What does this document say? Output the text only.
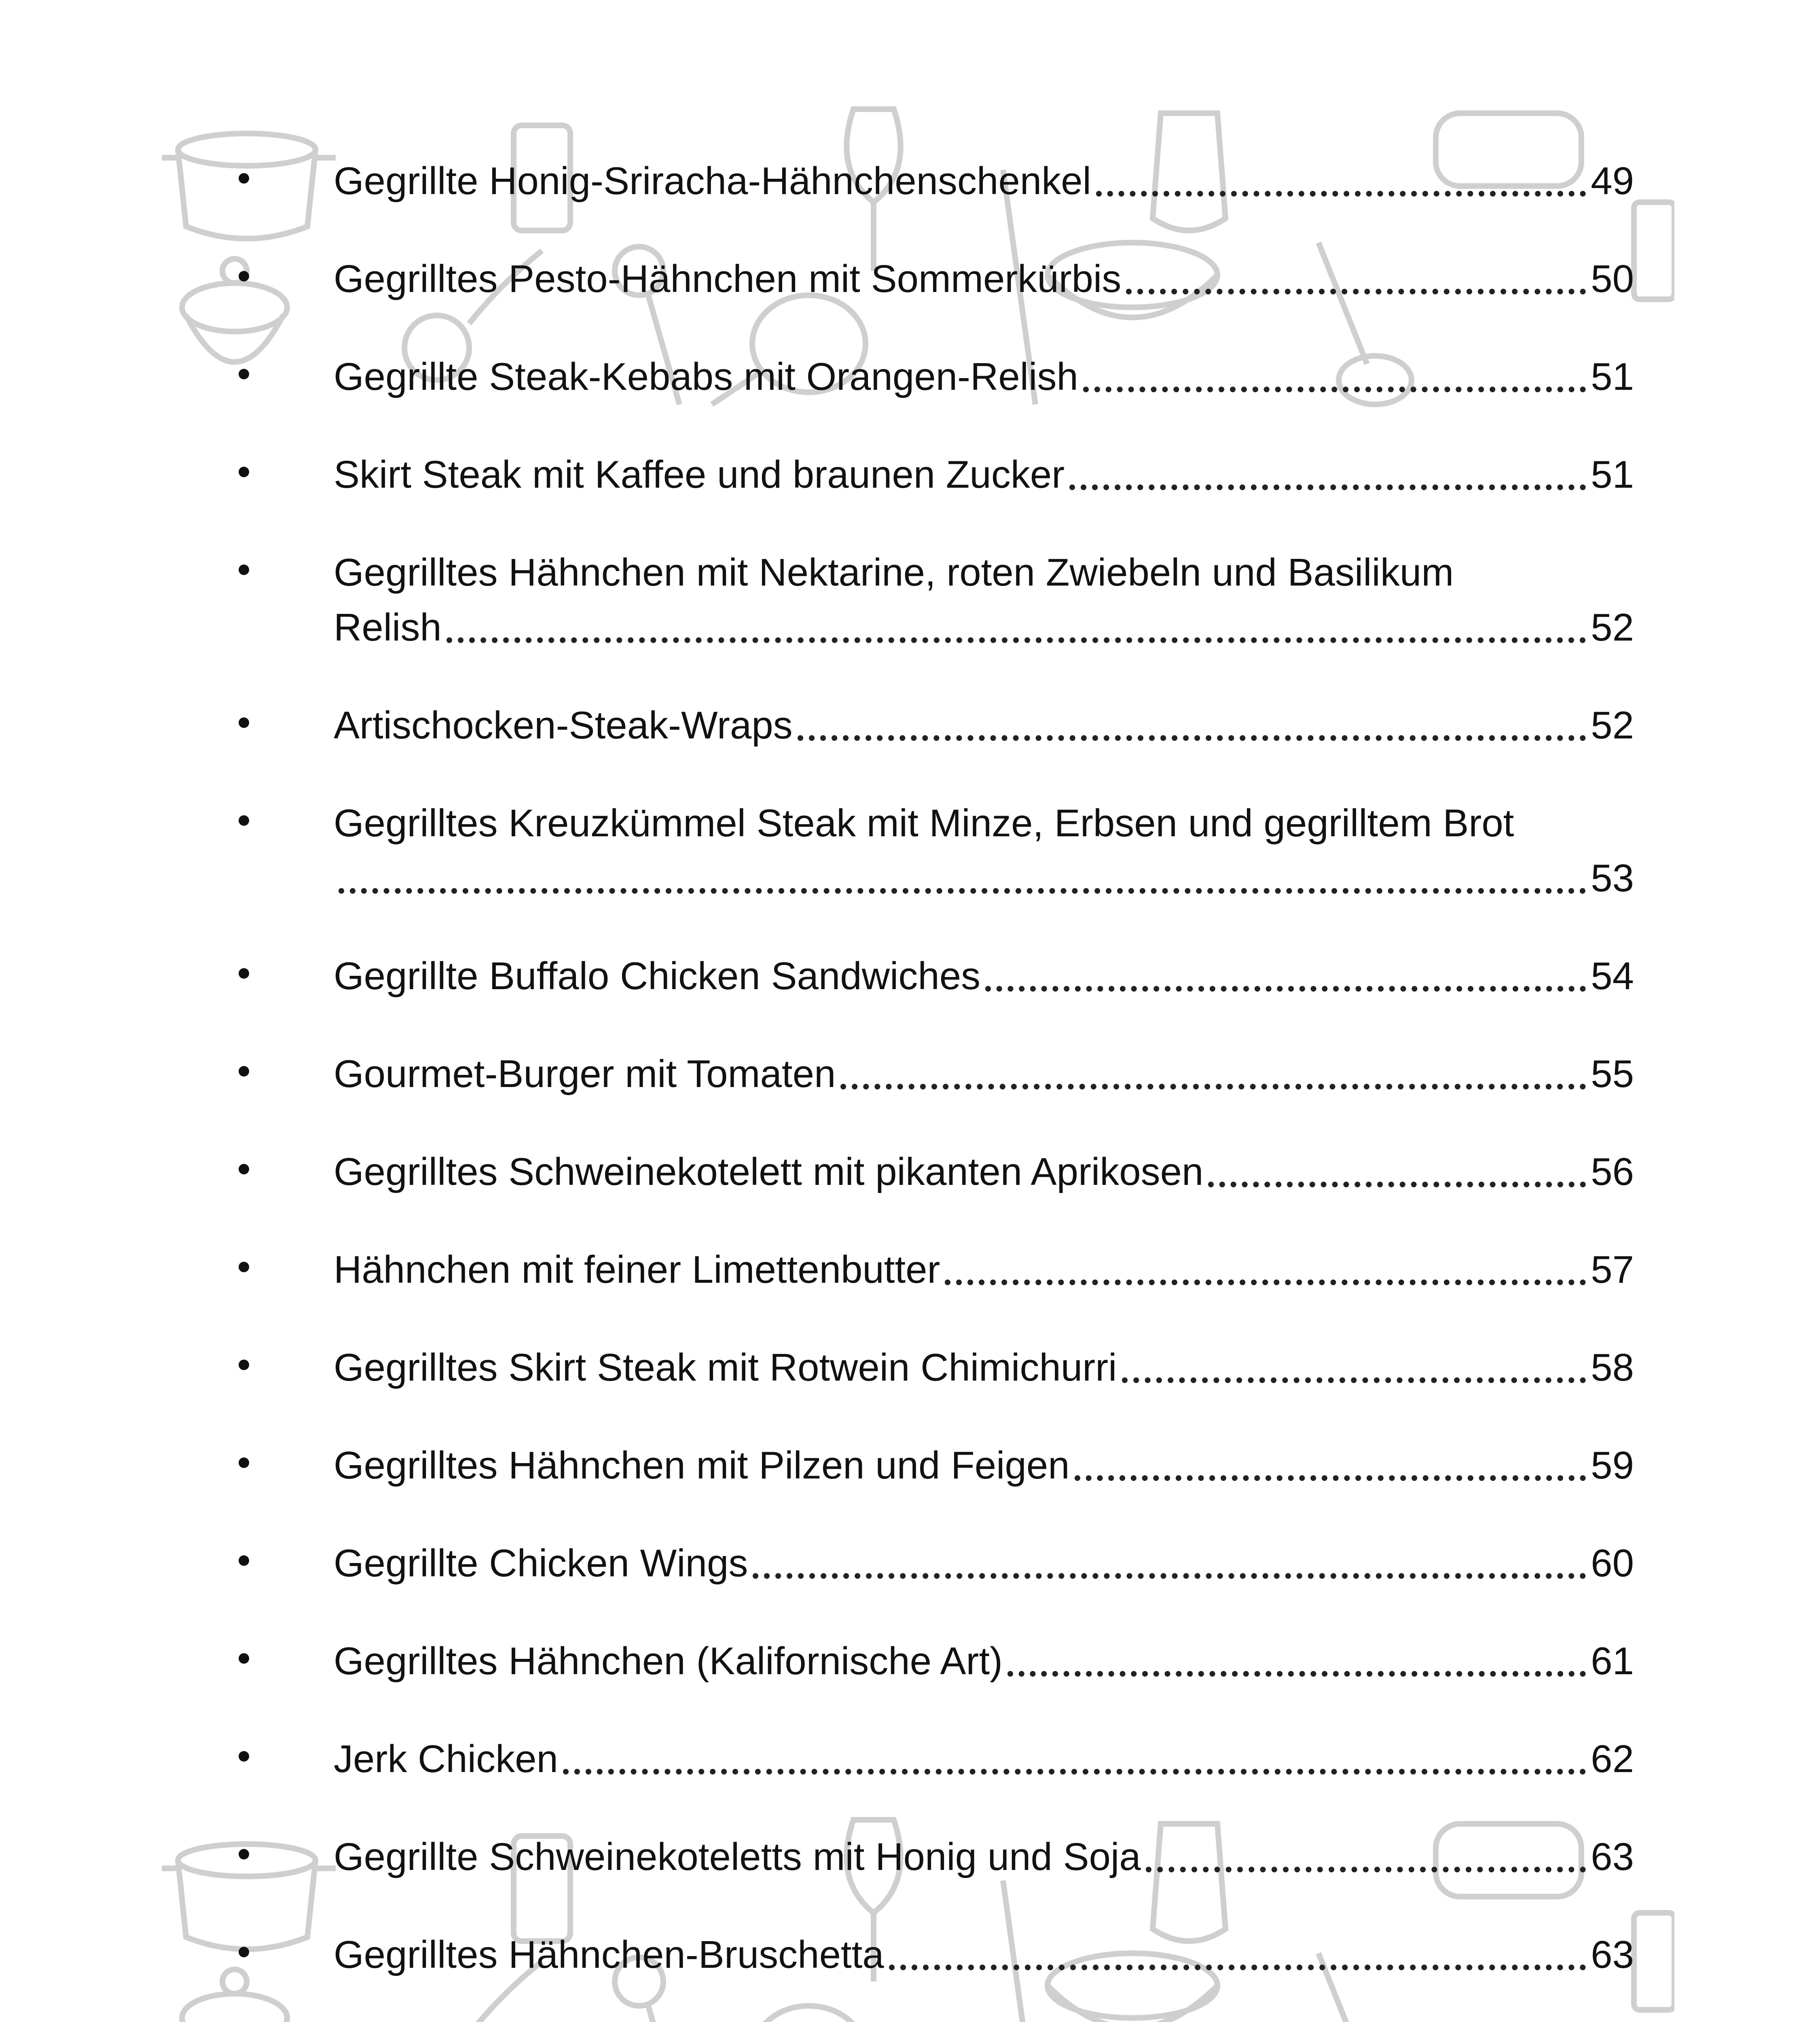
Gegrillte Honig-Sriracha-Hähnchenschenkel	49
Gegrilltes Pesto-Hähnchen mit Sommerkürbis	50
Gegrillte Steak-Kebabs mit Orangen-Relish	51
Skirt Steak mit Kaffee und braunen Zucker	51
Gegrilltes Hähnchen mit Nektarine, roten Zwiebeln und Basilikum
Relish	52
Artischocken-Steak-Wraps	52
Gegrilltes Kreuzkümmel Steak mit Minze, Erbsen und gegrilltem Brot
53
Gegrillte Buffalo Chicken Sandwiches	54
Gourmet-Burger mit Tomaten	55
Gegrilltes Schweinekotelett mit pikanten Aprikosen	56
Hähnchen mit feiner Limettenbutter	57
Gegrilltes Skirt Steak mit Rotwein Chimichurri	58
Gegrilltes Hähnchen mit Pilzen und Feigen	59
Gegrillte Chicken Wings	60
Gegrilltes Hähnchen (Kalifornische Art)	61
Jerk Chicken	62
Gegrillte Schweinekoteletts mit Honig und Soja	63
Gegrilltes Hähnchen-Bruschetta	63
